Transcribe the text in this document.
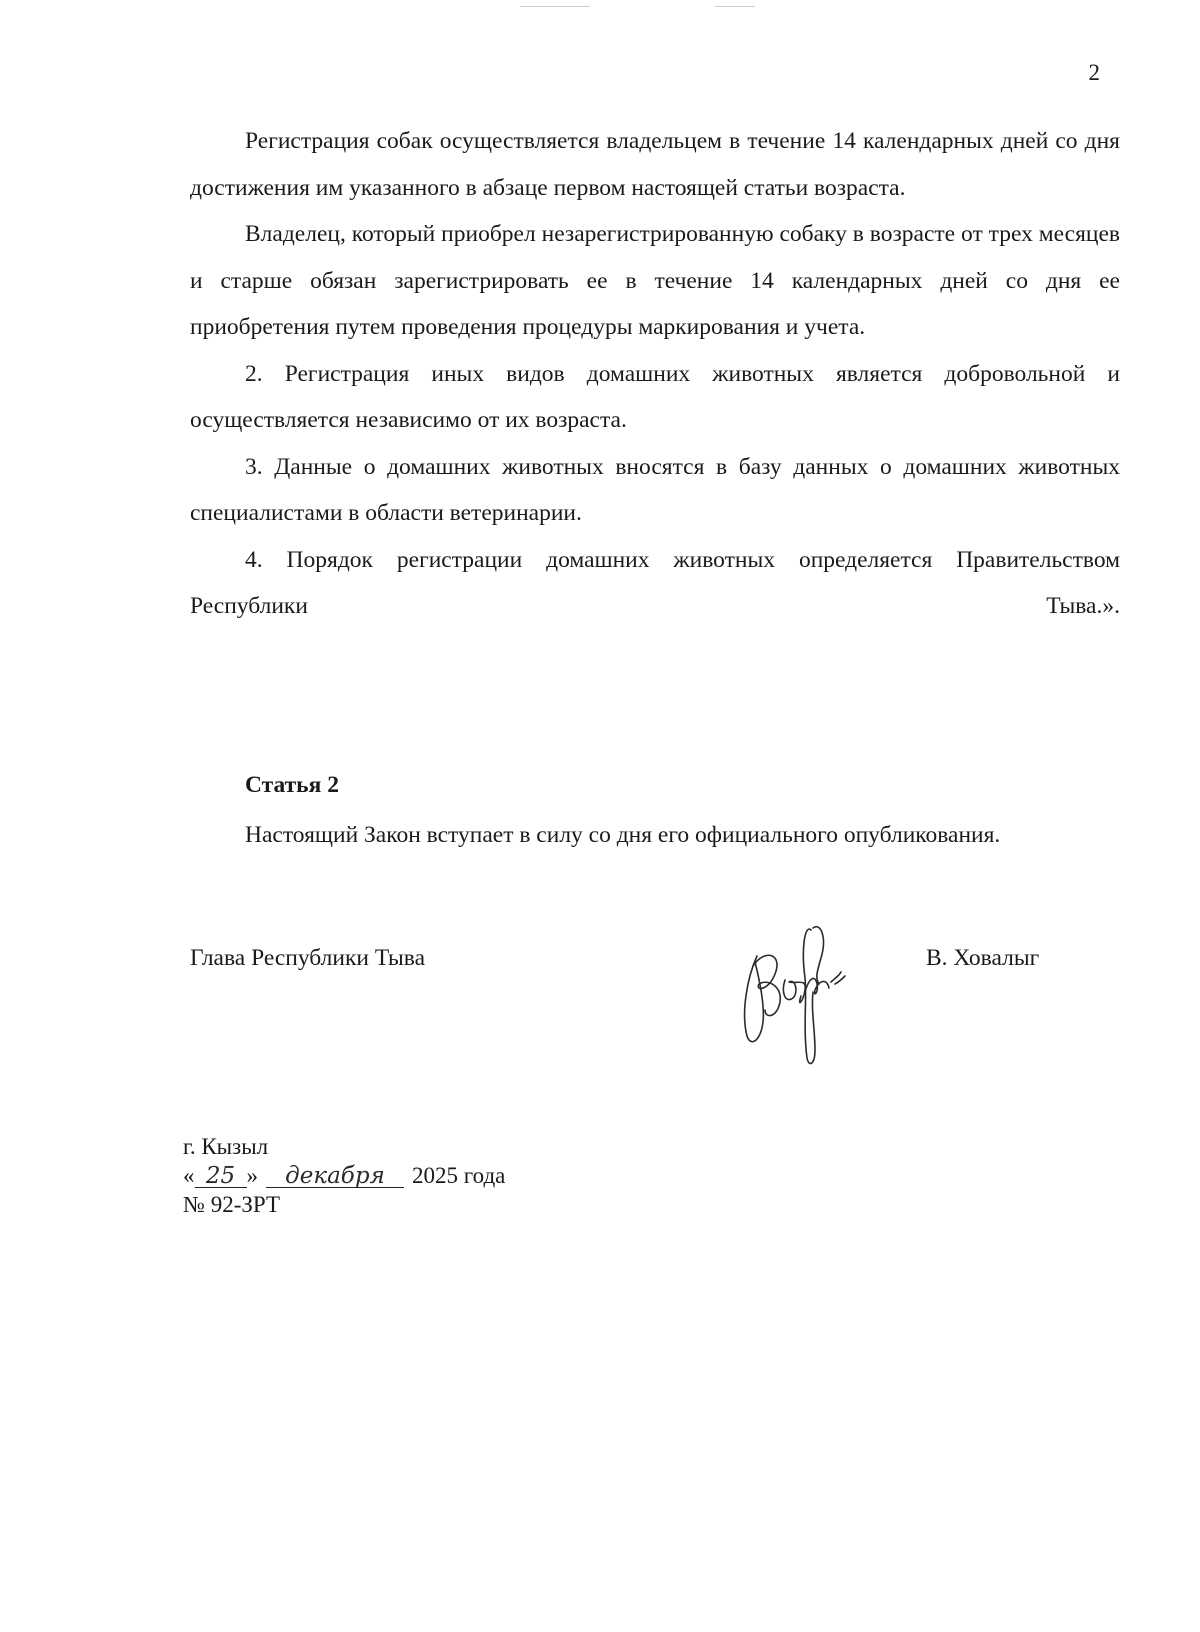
2

Регистрация собак осуществляется владельцем в течение 14 календарных дней со дня достижения им указанного в абзаце первом настоящей статьи возраста.

Владелец, который приобрел незарегистрированную собаку в возрасте от трех месяцев и старше обязан зарегистрировать ее в течение 14 календарных дней со дня ее приобретения путем проведения процедуры маркирования и учета.

2. Регистрация иных видов домашних животных является добровольной и осуществляется независимо от их возраста.

3. Данные о домашних животных вносятся в базу данных о домашних животных специалистами в области ветеринарии.

4. Порядок регистрации домашних животных определяется Правительством Республики Тыва.».

Статья 2
Настоящий Закон вступает в силу со дня его официального опубликования.
Глава Республики Тыва	В. Ховалыг
г. Кызыл
« 25 » декабря 2025 года
№ 92-ЗРТ
